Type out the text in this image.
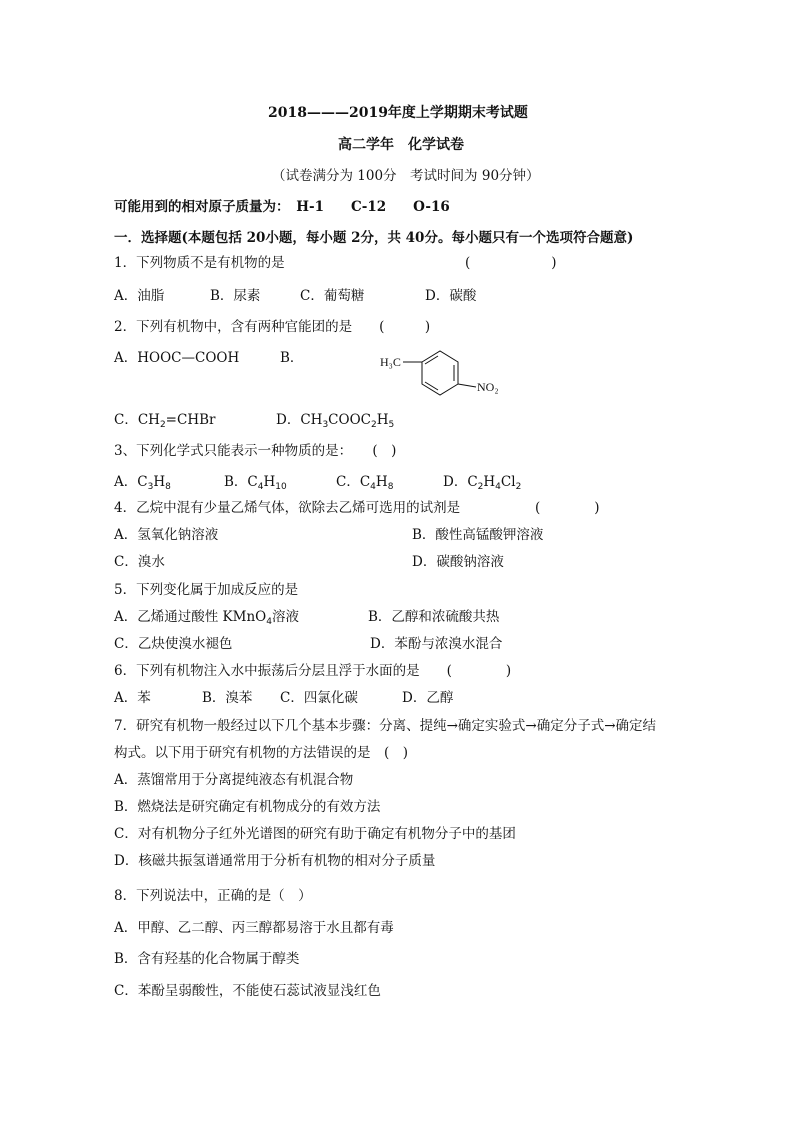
2018———2019年度上学期期末考试题
高二学年　化学试卷
（试卷满分为 100分　考试时间为 90分钟）
可能用到的相对原子质量为：　H-1　　C-12　　O-16
一．选择题(本题包括 20小题，每小题 2分，共 40分。每小题只有一个选项符合题意)
1．下列物质不是有机物的是	(　　　　　　)
A．油脂	B．尿素	C．葡萄糖	D．碳酸
2．下列有机物中，含有两种官能团的是　　(　　　)
A．HOOC—COOH	B．	H₃C
NO₂
C．$CH_2=CHBr$	D．$CH_3COOC_2H_5$
3、下列化学式只能表示一种物质的是：　　(　)
A．$C_3H_8$	B．$C_4H_{10}$	C．$C_4H_8$	D．$C_2H_4Cl_2$
4．乙烷中混有少量乙烯气体，欲除去乙烯可选用的试剂是	(　　　　)
A．氢氧化钠溶液	B．酸性高锰酸钾溶液
C．溴水	D．碳酸钠溶液
5．下列变化属于加成反应的是
A．乙烯通过酸性 KMnO$_4$溶液	B．乙醇和浓硫酸共热
C．乙炔使溴水褪色	D．苯酚与浓溴水混合
6．下列有机物注入水中振荡后分层且浮于水面的是　　(　　　　)
A．苯	B．溴苯 C．四氯化碳	D．乙醇
7．研究有机物一般经过以下几个基本步骤：分离、提纯→确定实验式→确定分子式→确定结
构式。以下用于研究有机物的方法错误的是　(　)
A．蒸馏常用于分离提纯液态有机混合物
B．燃烧法是研究确定有机物成分的有效方法
C．对有机物分子红外光谱图的研究有助于确定有机物分子中的基团
D．核磁共振氢谱通常用于分析有机物的相对分子质量
8．下列说法中，正确的是（　）
A．甲醇、乙二醇、丙三醇都易溶于水且都有毒
B．含有羟基的化合物属于醇类
C．苯酚呈弱酸性，不能使石蕊试液显浅红色
